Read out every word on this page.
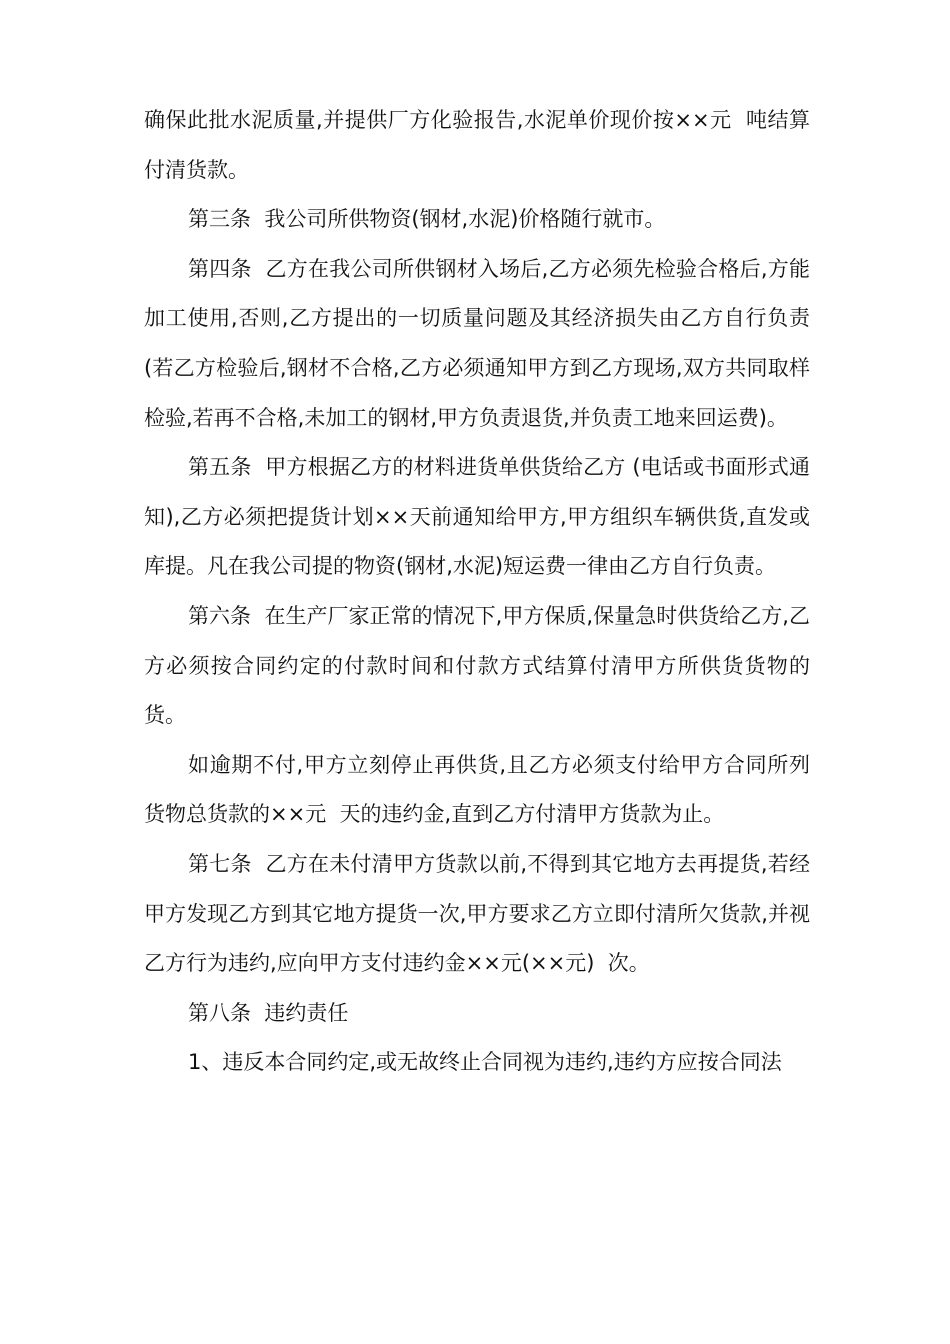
确保此批水泥质量,并提供厂方化验报告,水泥单价现价按××元  吨结算付清货款。

第三条  我公司所供物资(钢材,水泥)价格随行就市。

第四条  乙方在我公司所供钢材入场后,乙方必须先检验合格后,方能加工使用,否则,乙方提出的一切质量问题及其经济损失由乙方自行负责(若乙方检验后,钢材不合格,乙方必须通知甲方到乙方现场,双方共同取样检验,若再不合格,未加工的钢材,甲方负责退货,并负责工地来回运费)。

第五条  甲方根据乙方的材料进货单供货给乙方 (电话或书面形式通知),乙方必须把提货计划××天前通知给甲方,甲方组织车辆供货,直发或库提。凡在我公司提的物资(钢材,水泥)短运费一律由乙方自行负责。

第六条  在生产厂家正常的情况下,甲方保质,保量急时供货给乙方,乙方必须按合同约定的付款时间和付款方式结算付清甲方所供货货物的货。

如逾期不付,甲方立刻停止再供货,且乙方必须支付给甲方合同所列货物总货款的××元  天的违约金,直到乙方付清甲方货款为止。

第七条  乙方在未付清甲方货款以前,不得到其它地方去再提货,若经甲方发现乙方到其它地方提货一次,甲方要求乙方立即付清所欠货款,并视乙方行为违约,应向甲方支付违约金××元(××元)  次。

第八条  违约责任

1、违反本合同约定,或无故终止合同视为违约,违约方应按合同法
